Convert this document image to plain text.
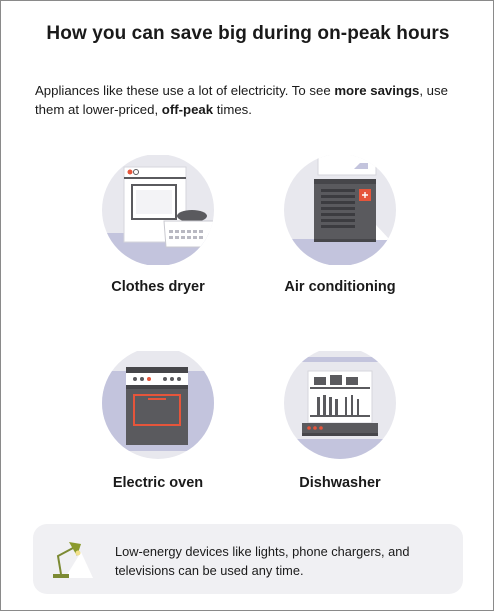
How you can save big during on-peak hours

Appliances like these use a lot of electricity. To see more savings, use them at lower-priced, off-peak times.

Clothes dryer	Air conditioning
Electric oven	Dishwasher
Low-energy devices like lights, phone chargers, and televisions can be used any time.
